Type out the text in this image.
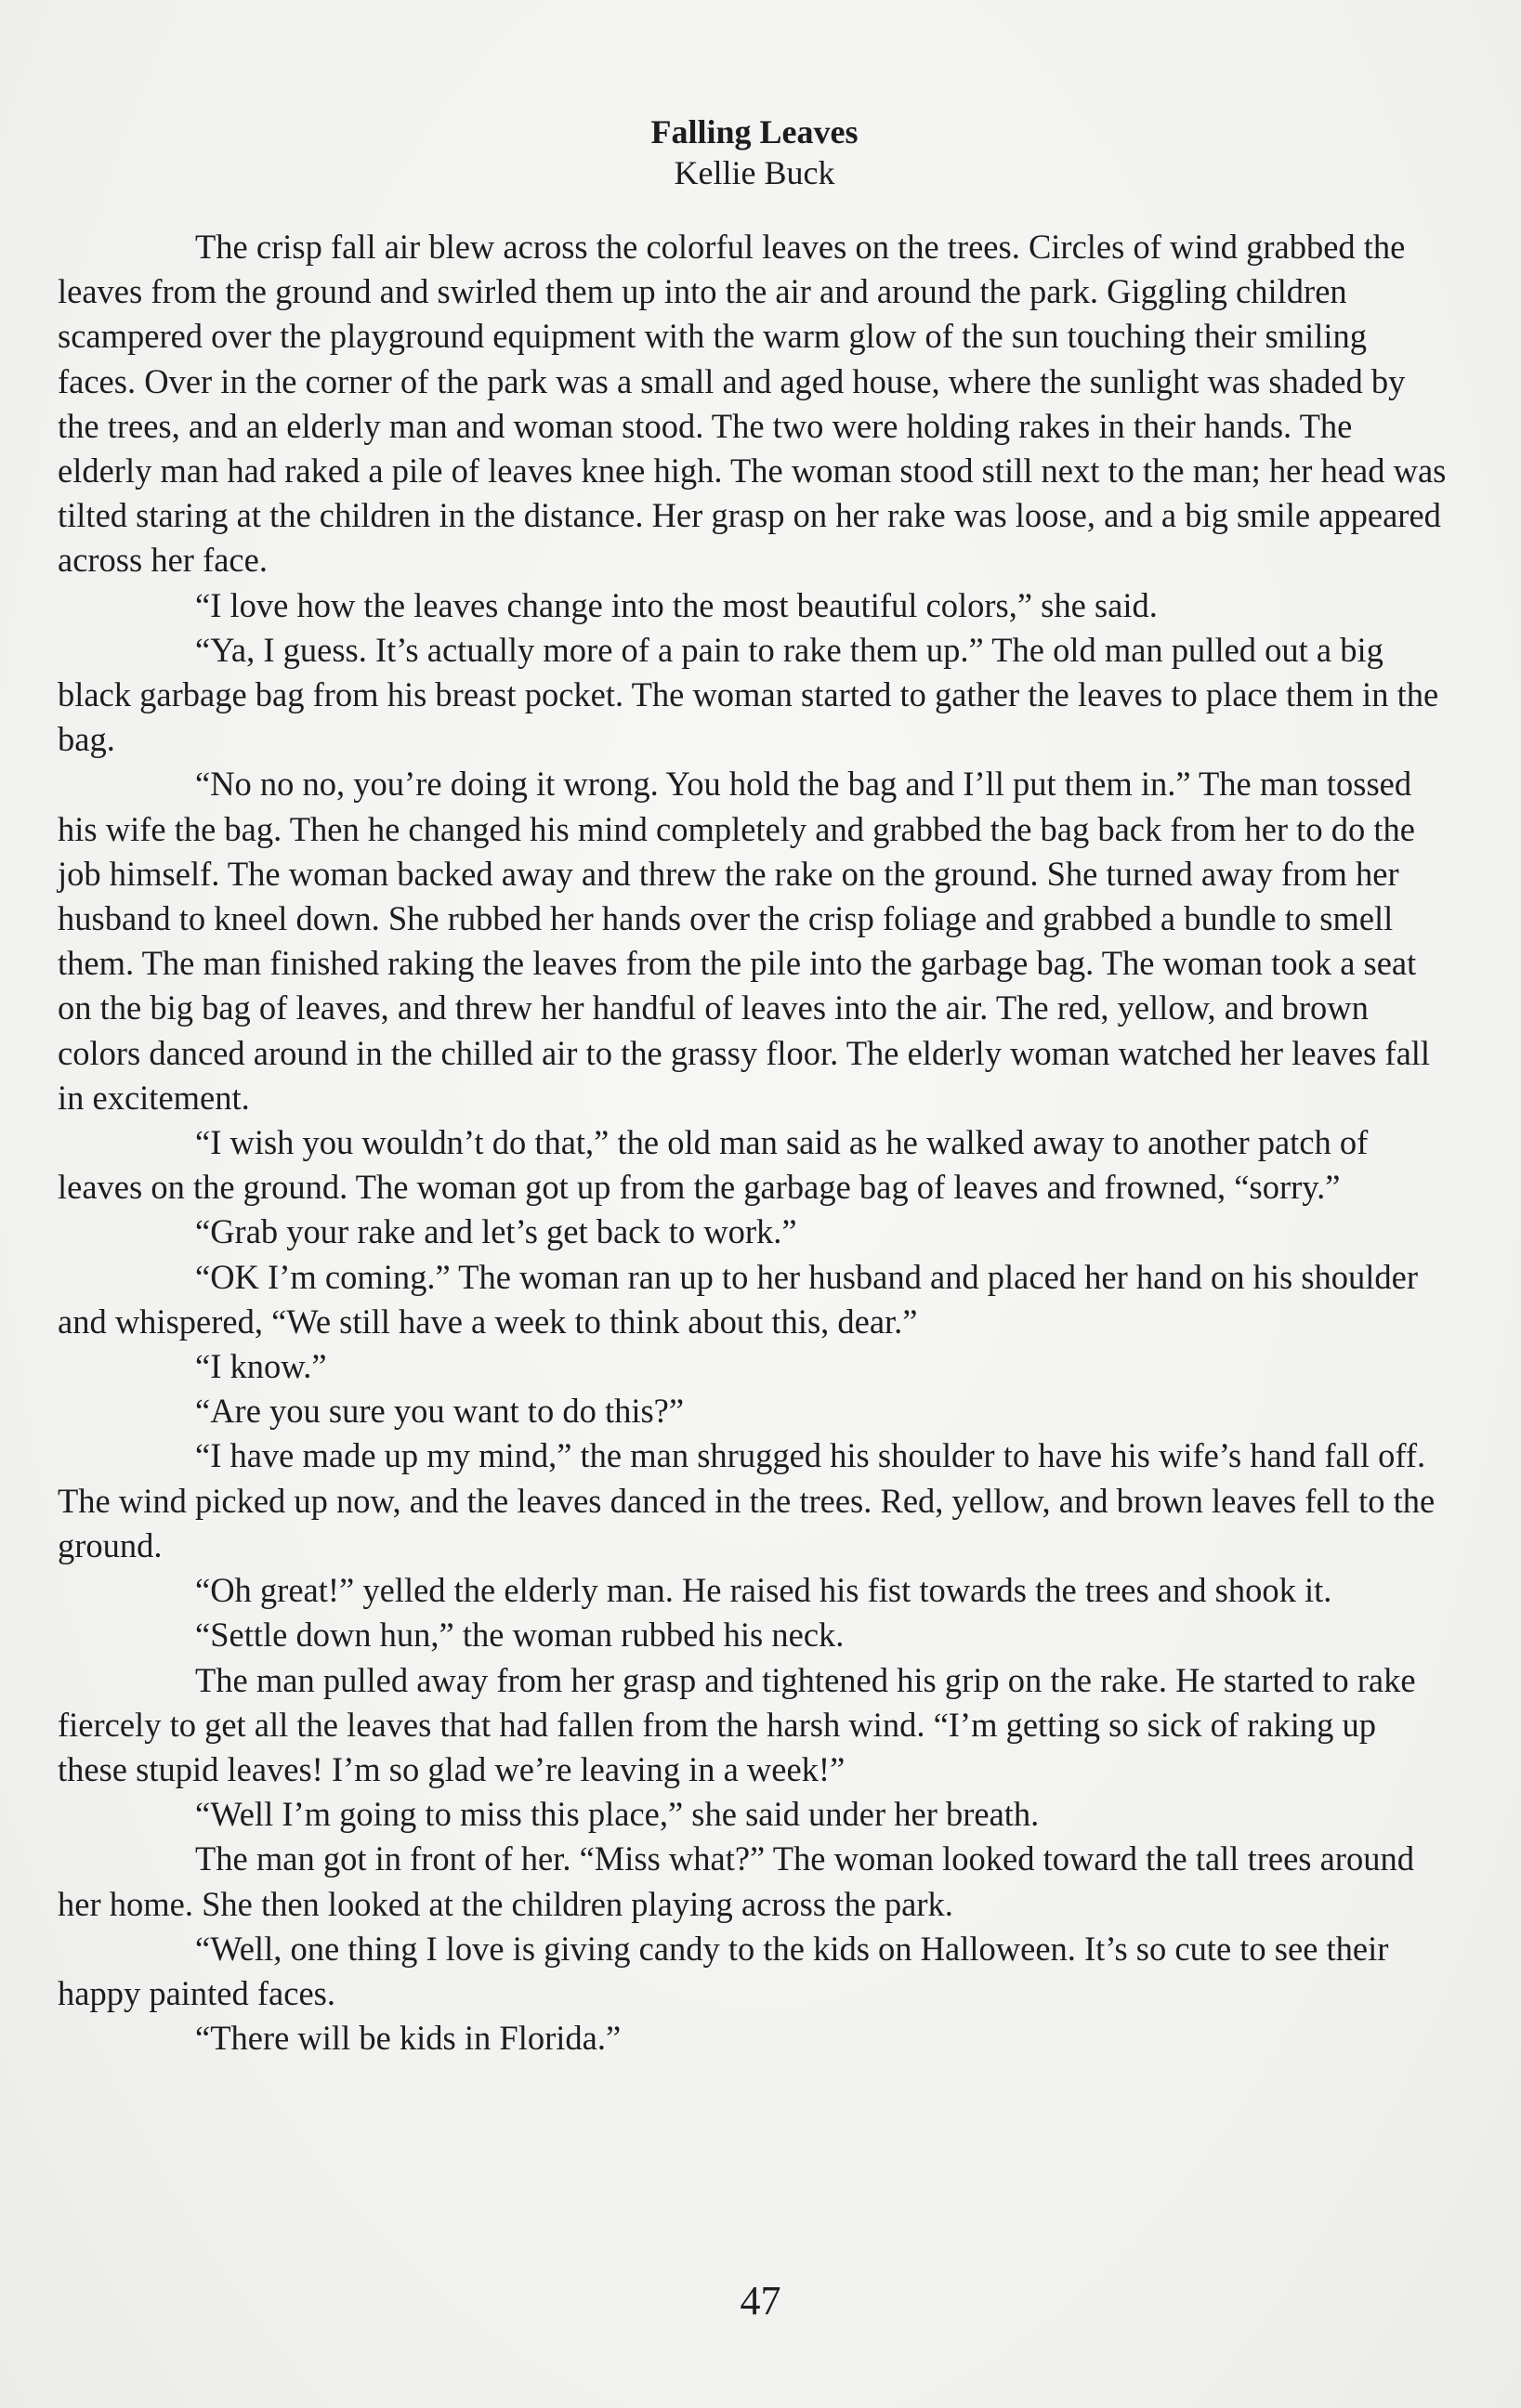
Falling Leaves
Kellie Buck

The crisp fall air blew across the colorful leaves on the trees. Circles of wind grabbed the leaves from the ground and swirled them up into the air and around the park. Giggling children scampered over the playground equipment with the warm glow of the sun touching their smiling faces. Over in the corner of the park was a small and aged house, where the sunlight was shaded by the trees, and an elderly man and woman stood. The two were holding rakes in their hands. The elderly man had raked a pile of leaves knee high. The woman stood still next to the man; her head was tilted staring at the children in the distance. Her grasp on her rake was loose, and a big smile appeared across her face.

“I love how the leaves change into the most beautiful colors,” she said.

“Ya, I guess. It’s actually more of a pain to rake them up.” The old man pulled out a big black garbage bag from his breast pocket. The woman started to gather the leaves to place them in the bag.

“No no no, you’re doing it wrong. You hold the bag and I’ll put them in.” The man tossed his wife the bag. Then he changed his mind completely and grabbed the bag back from her to do the job himself. The woman backed away and threw the rake on the ground. She turned away from her husband to kneel down. She rubbed her hands over the crisp foliage and grabbed a bundle to smell them. The man finished raking the leaves from the pile into the garbage bag. The woman took a seat on the big bag of leaves, and threw her handful of leaves into the air. The red, yellow, and brown colors danced around in the chilled air to the grassy floor. The elderly woman watched her leaves fall in excitement.

“I wish you wouldn’t do that,” the old man said as he walked away to another patch of leaves on the ground. The woman got up from the garbage bag of leaves and frowned, “sorry.”

“Grab your rake and let’s get back to work.”

“OK I’m coming.” The woman ran up to her husband and placed her hand on his shoulder and whispered, “We still have a week to think about this, dear.”

“I know.”

“Are you sure you want to do this?”

“I have made up my mind,” the man shrugged his shoulder to have his wife’s hand fall off. The wind picked up now, and the leaves danced in the trees. Red, yellow, and brown leaves fell to the ground.

“Oh great!” yelled the elderly man. He raised his fist towards the trees and shook it.

“Settle down hun,” the woman rubbed his neck.

The man pulled away from her grasp and tightened his grip on the rake. He started to rake fiercely to get all the leaves that had fallen from the harsh wind. “I’m getting so sick of raking up these stupid leaves! I’m so glad we’re leaving in a week!”

“Well I’m going to miss this place,” she said under her breath.

The man got in front of her. “Miss what?” The woman looked toward the tall trees around her home. She then looked at the children playing across the park.

“Well, one thing I love is giving candy to the kids on Halloween. It’s so cute to see their happy painted faces.

“There will be kids in Florida.”

47
